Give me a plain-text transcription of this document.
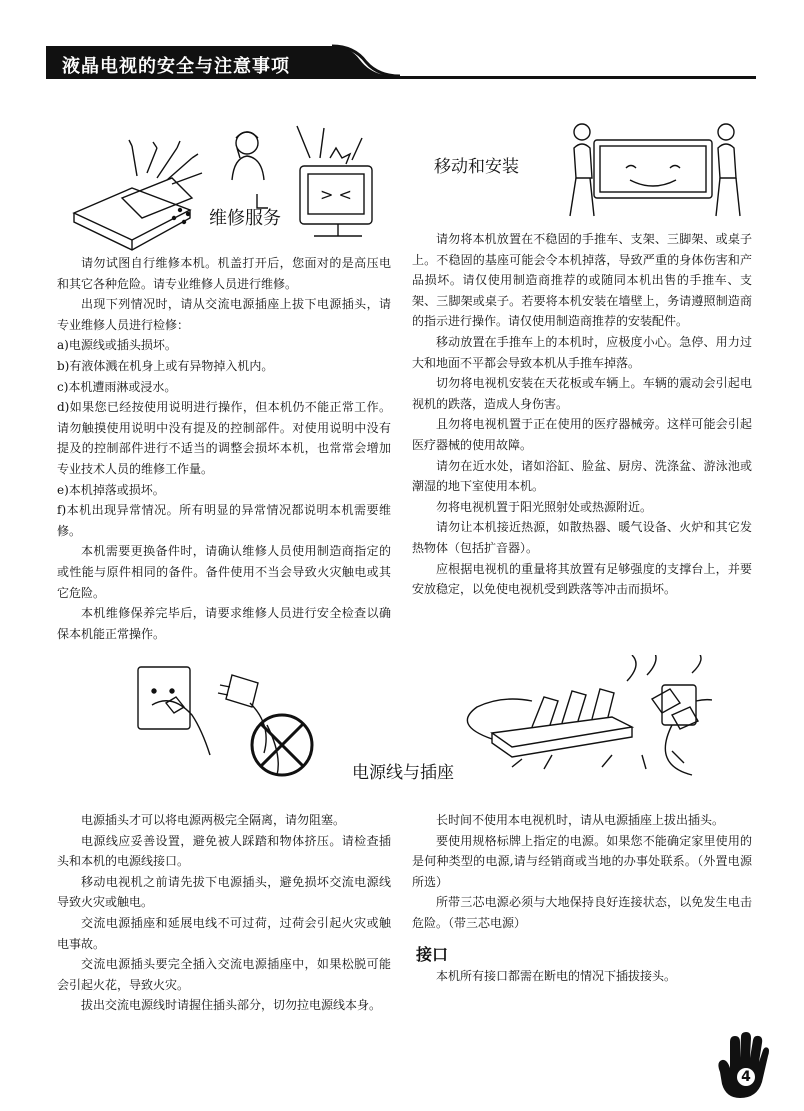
液晶电视的安全与注意事项
> <
维修服务
移动和安装

请勿试图自行维修本机。机盖打开后，您面对的是高压电和其它各种危险。请专业维修人员进行维修。

出现下列情况时，请从交流电源插座上拔下电源插头，请专业维修人员进行检修：

a)电源线或插头损坏。

b)有液体溅在机身上或有异物掉入机内。

c)本机遭雨淋或浸水。

d)如果您已经按使用说明进行操作，但本机仍不能正常工作。请勿触摸使用说明中没有提及的控制部件。对使用说明中没有提及的控制部件进行不适当的调整会损坏本机，也常常会增加专业技术人员的维修工作量。

e)本机掉落或损坏。

f)本机出现异常情况。所有明显的异常情况都说明本机需要维修。

本机需要更换备件时，请确认维修人员使用制造商指定的或性能与原件相同的备件。备件使用不当会导致火灾触电或其它危险。

本机维修保养完毕后，请要求维修人员进行安全检查以确保本机能正常操作。

请勿将本机放置在不稳固的手推车、支架、三脚架、或桌子上。不稳固的基座可能会令本机掉落，导致严重的身体伤害和产品损坏。请仅使用制造商推荐的或随同本机出售的手推车、支架、三脚架或桌子。若要将本机安装在墙壁上，务请遵照制造商的指示进行操作。请仅使用制造商推荐的安装配件。

移动放置在手推车上的本机时，应极度小心。急停、用力过大和地面不平都会导致本机从手推车掉落。

切勿将电视机安装在天花板或车辆上。车辆的震动会引起电视机的跌落，造成人身伤害。

且勿将电视机置于正在使用的医疗器械旁。这样可能会引起医疗器械的使用故障。

请勿在近水处，诸如浴缸、脸盆、厨房、洗涤盆、游泳池或潮湿的地下室使用本机。

勿将电视机置于阳光照射处或热源附近。

请勿让本机接近热源，如散热器、暖气设备、火炉和其它发热物体（包括扩音器）。

应根据电视机的重量将其放置有足够强度的支撑台上，并要安放稳定，以免使电视机受到跌落等冲击而损坏。

电源线与插座

电源插头才可以将电源两极完全隔离，请勿阻塞。

电源线应妥善设置，避免被人踩踏和物体挤压。请检查插头和本机的电源线接口。

移动电视机之前请先拔下电源插头，避免损坏交流电源线导致火灾或触电。

交流电源插座和延展电线不可过荷，过荷会引起火灾或触电事故。

交流电源插头要完全插入交流电源插座中，如果松脱可能会引起火花，导致火灾。

拔出交流电源线时请握住插头部分，切勿拉电源线本身。

长时间不使用本电视机时，请从电源插座上拔出插头。

要使用规格标牌上指定的电源。如果您不能确定家里使用的是何种类型的电源,请与经销商或当地的办事处联系。（外置电源所选）

所带三芯电源必须与大地保持良好连接状态，以免发生电击危险。（带三芯电源）

接口

本机所有接口都需在断电的情况下插拔接头。

4
